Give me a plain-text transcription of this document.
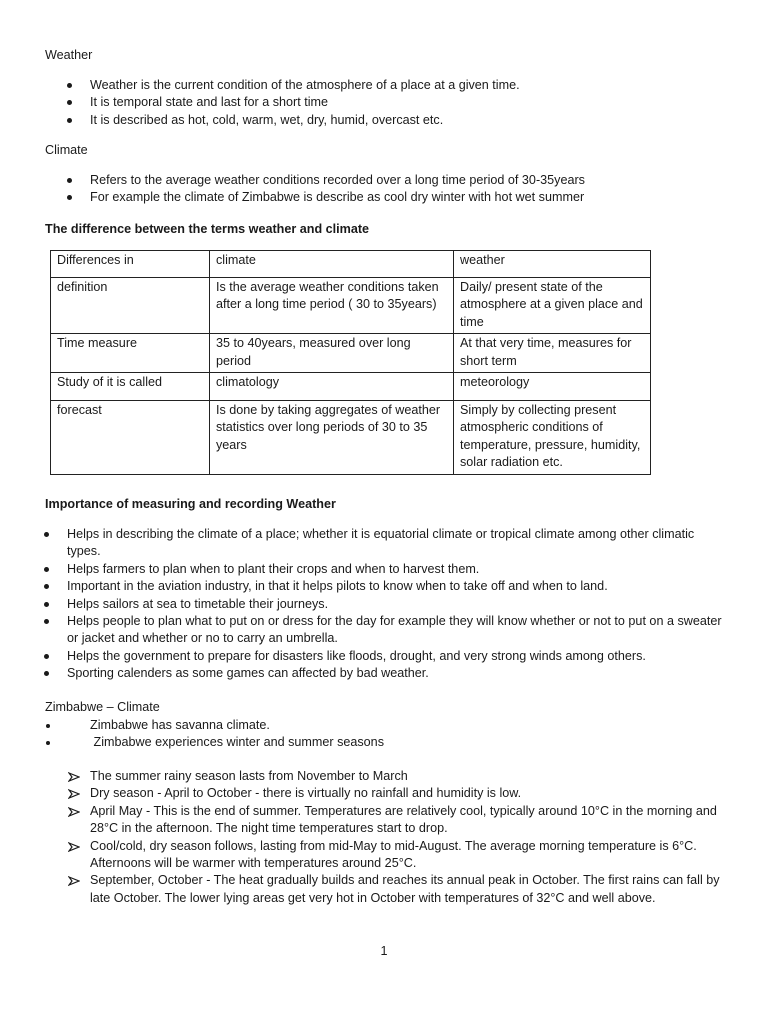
Weather
Weather is the current condition of the atmosphere of a place at a given time.
It is temporal state and last for a short time
It is described as hot, cold, warm, wet, dry, humid, overcast etc.
Climate
Refers to the average weather conditions recorded over a long time period of 30-35years
For example the climate of Zimbabwe is describe as cool dry winter with hot wet summer
The difference between the terms weather and climate
Differences in	climate	weather
definition	Is the average weather conditions taken after a long time period ( 30 to 35years)	Daily/ present state of the atmosphere at a given place and time
Time measure	35 to 40years, measured over long period	At that very time, measures for short term
Study of it is called	climatology	meteorology
forecast	Is done by taking aggregates of weather statistics over long periods of 30 to 35 years	Simply by collecting present atmospheric conditions of temperature, pressure, humidity, solar radiation etc.
Importance of measuring and recording Weather
Helps in describing the climate of a place; whether it is equatorial climate or tropical climate among other climatic types.
Helps farmers to plan when to plant their crops and when to harvest them.
Important in the aviation industry, in that it helps pilots to know when to take off and when to land.
Helps sailors at sea to timetable their journeys.
Helps people to plan what to put on or dress for the day for example they will know whether or not to put on a sweater or jacket and whether or no to carry an umbrella.
Helps the government to prepare for disasters like floods, drought, and very strong winds among others.
Sporting calenders as some games can affected by bad weather.
Zimbabwe – Climate
Zimbabwe has savanna climate.
Zimbabwe experiences winter and summer seasons
The summer rainy season lasts from November to March
Dry season - April to October - there is virtually no rainfall and humidity is low.
April May - This is the end of summer. Temperatures are relatively cool, typically around 10°C in the morning and 28°C in the afternoon. The night time temperatures start to drop.
Cool/cold, dry season follows, lasting from mid-May to mid-August. The average morning temperature is 6°C. Afternoons will be warmer with temperatures around 25°C.
September, October - The heat gradually builds and reaches its annual peak in October. The first rains can fall by late October. The lower lying areas get very hot in October with temperatures of 32°C and well above.
1
